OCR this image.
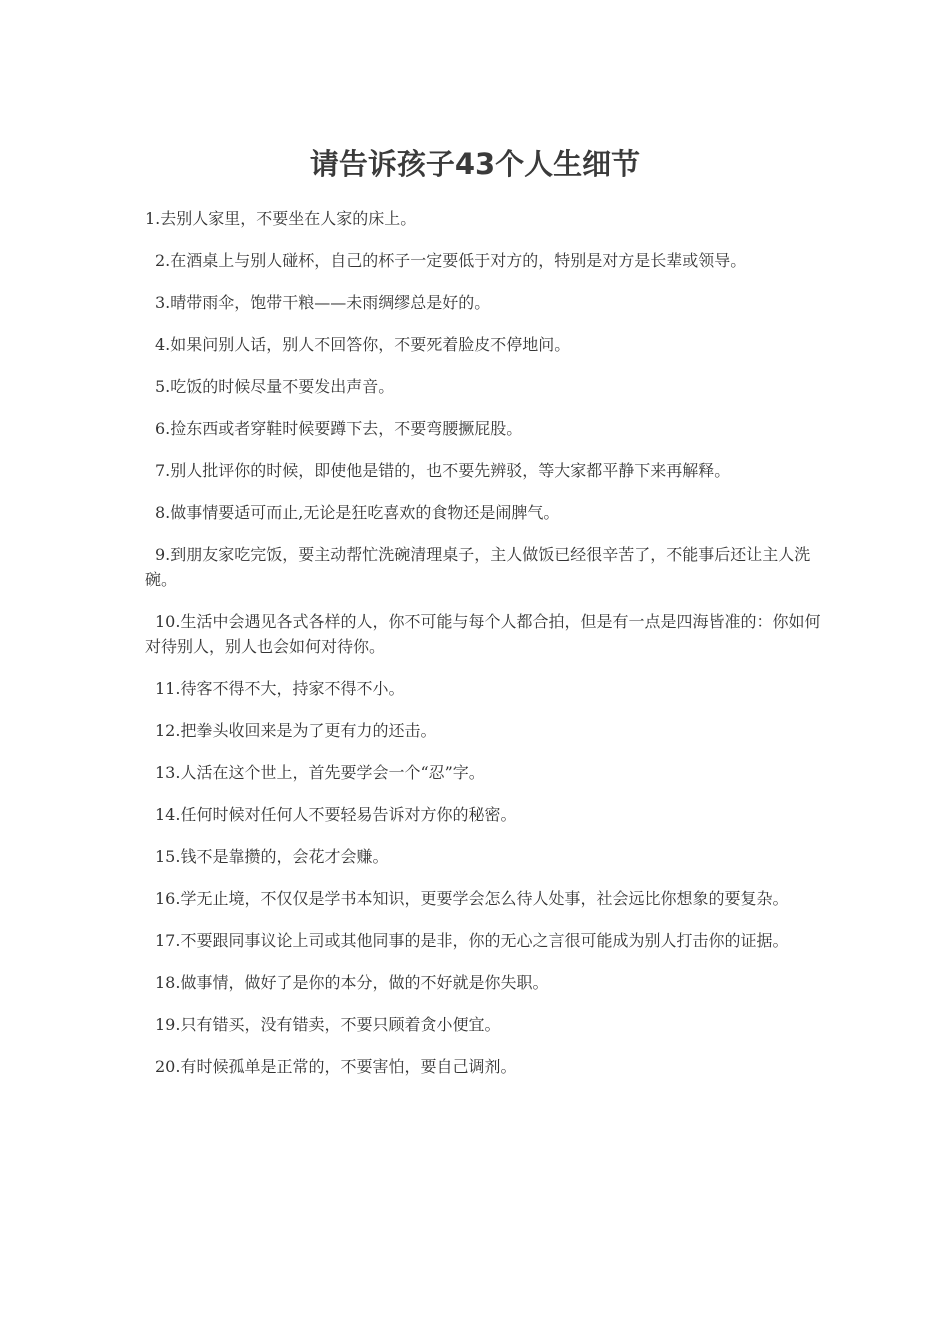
请告诉孩子43个人生细节
1.去别人家里，不要坐在人家的床上。
2.在酒桌上与别人碰杯，自己的杯子一定要低于对方的，特别是对方是长辈或领导。
3.晴带雨伞，饱带干粮——未雨绸缪总是好的。
4.如果问别人话，别人不回答你，不要死着脸皮不停地问。
5.吃饭的时候尽量不要发出声音。
6.捡东西或者穿鞋时候要蹲下去，不要弯腰撅屁股。
7.别人批评你的时候，即使他是错的，也不要先辨驳，等大家都平静下来再解释。
8.做事情要适可而止,无论是狂吃喜欢的食物还是闹脾气。
9.到朋友家吃完饭，要主动帮忙洗碗清理桌子，主人做饭已经很辛苦了，不能事后还让主人洗碗。
10.生活中会遇见各式各样的人，你不可能与每个人都合拍，但是有一点是四海皆准的：你如何对待别人，别人也会如何对待你。
11.待客不得不大，持家不得不小。
12.把拳头收回来是为了更有力的还击。
13.人活在这个世上，首先要学会一个“忍”字。
14.任何时候对任何人不要轻易告诉对方你的秘密。
15.钱不是靠攒的，会花才会赚。
16.学无止境，不仅仅是学书本知识，更要学会怎么待人处事，社会远比你想象的要复杂。
17.不要跟同事议论上司或其他同事的是非，你的无心之言很可能成为别人打击你的证据。
18.做事情，做好了是你的本分，做的不好就是你失职。
19.只有错买，没有错卖，不要只顾着贪小便宜。
20.有时候孤单是正常的，不要害怕，要自己调剂。
